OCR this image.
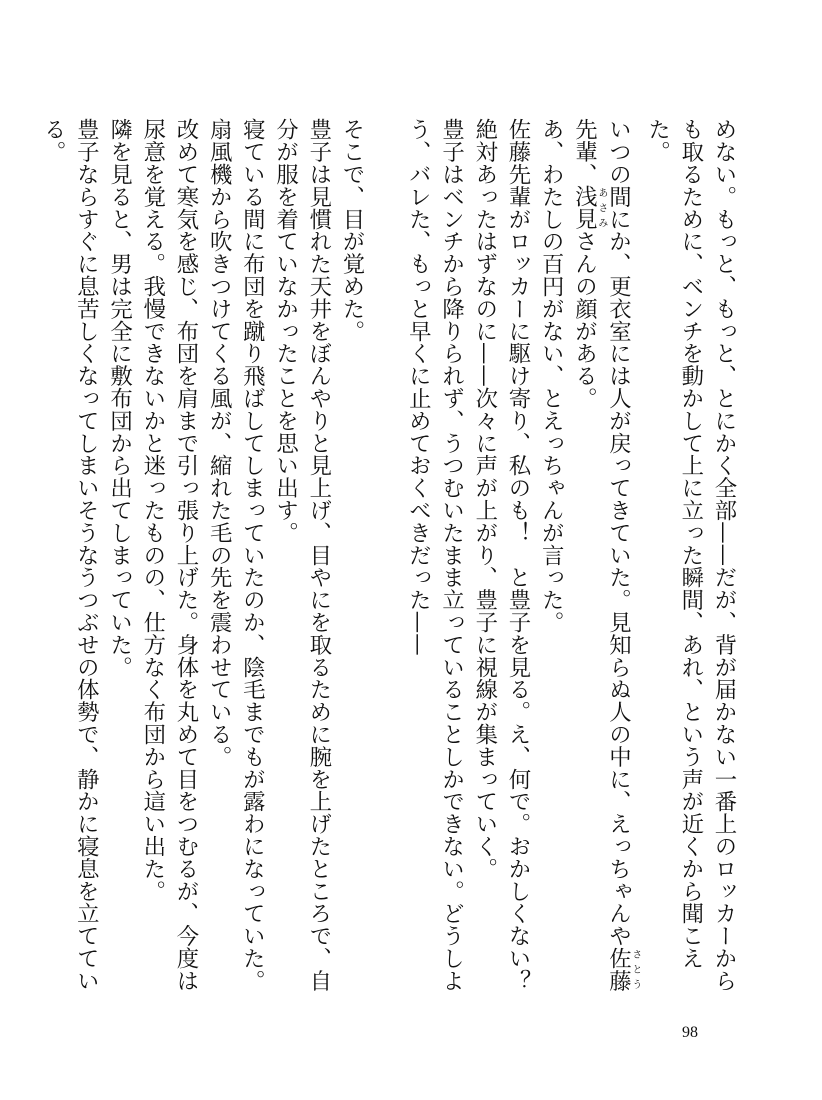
めない。もっと、もっと、とにかく全部——だが、背が届かない一番上のロッカーからも取るために、ベンチを動かして上に立った瞬間、あれ、という声が近くから聞こえた。

いつの間にか、更衣室には人が戻ってきていた。見知らぬ人の中に、えっちゃんや佐藤さとう先輩、浅見あさみさんの顔がある。

あ、わたしの百円がない、とえっちゃんが言った。

佐藤先輩がロッカーに駆け寄り、私のも！　と豊子を見る。え、何で。おかしくない？　絶対あったはずなのに——次々に声が上がり、豊子に視線が集まっていく。

豊子はベンチから降りられず、うつむいたまま立っていることしかできない。どうしよう、バレた、もっと早くに止めておくべきだった——

そこで、目が覚めた。

豊子は見慣れた天井をぼんやりと見上げ、目やにを取るために腕を上げたところで、自分が服を着ていなかったことを思い出す。

寝ている間に布団を蹴り飛ばしてしまっていたのか、陰毛までもが露わになっていた。扇風機から吹きつけてくる風が、縮れた毛の先を震わせている。

改めて寒気を感じ、布団を肩まで引っ張り上げた。身体を丸めて目をつむるが、今度は尿意を覚える。我慢できないかと迷ったものの、仕方なく布団から這い出た。

隣を見ると、男は完全に敷布団から出てしまっていた。

豊子ならすぐに息苦しくなってしまいそうなうつぶせの体勢で、静かに寝息を立てている。

98
